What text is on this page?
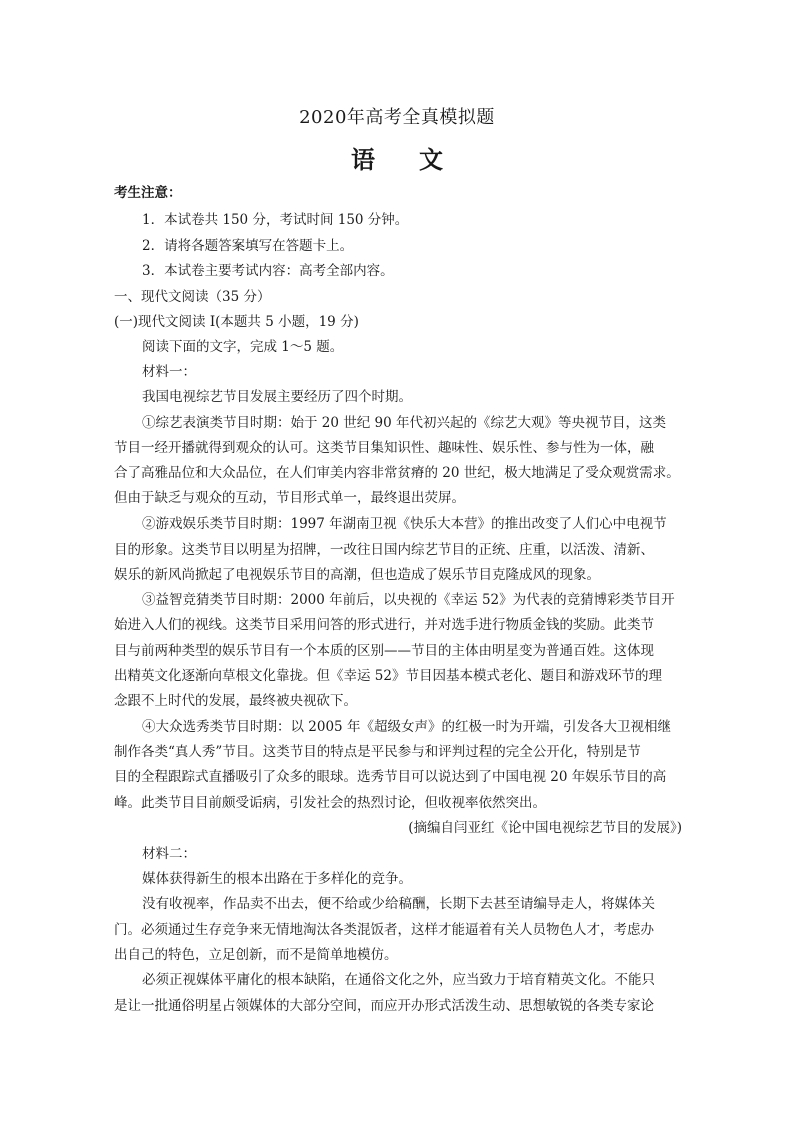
2020年高考全真模拟题
语 文
考生注意：
1．本试卷共 150 分，考试时间 150 分钟。
2．请将各题答案填写在答题卡上。
3．本试卷主要考试内容：高考全部内容。
一、现代文阅读（35 分）
(一)现代文阅读 I(本题共 5 小题，19 分)
阅读下面的文字，完成 1～5 题。
材料一：
我国电视综艺节目发展主要经历了四个时期。
①综艺表演类节目时期：始于 20 世纪 90 年代初兴起的《综艺大观》等央视节目，这类
节目一经开播就得到观众的认可。这类节目集知识性、趣味性、娱乐性、参与性为一体，融
合了高雅品位和大众品位，在人们审美内容非常贫瘠的 20 世纪，极大地满足了受众观赏需求。
但由于缺乏与观众的互动，节目形式单一，最终退出荧屏。
②游戏娱乐类节目时期：1997 年湖南卫视《快乐大本营》的推出改变了人们心中电视节
目的形象。这类节目以明星为招牌，一改往日国内综艺节目的正统、庄重，以活泼、清新、
娱乐的新风尚掀起了电视娱乐节目的高潮，但也造成了娱乐节目克隆成风的现象。
③益智竞猜类节目时期：2000 年前后，以央视的《幸运 52》为代表的竞猜博彩类节目开
始进入人们的视线。这类节目采用问答的形式进行，并对选手进行物质金钱的奖励。此类节
目与前两种类型的娱乐节目有一个本质的区别——节目的主体由明星变为普通百姓。这体现
出精英文化逐渐向草根文化靠拢。但《幸运 52》节目因基本模式老化、题目和游戏环节的理
念跟不上时代的发展，最终被央视砍下。
④大众选秀类节目时期：以 2005 年《超级女声》的红极一时为开端，引发各大卫视相继
制作各类“真人秀”节目。这类节目的特点是平民参与和评判过程的完全公开化，特别是节
目的全程跟踪式直播吸引了众多的眼球。选秀节目可以说达到了中国电视 20 年娱乐节目的高
峰。此类节目目前颇受诟病，引发社会的热烈讨论，但收视率依然突出。
(摘编自闫亚红《论中国电视综艺节目的发展》)
材料二：
媒体获得新生的根本出路在于多样化的竞争。
没有收视率，作品卖不出去，便不给或少给稿酬，长期下去甚至请编导走人，将媒体关
门。必须通过生存竞争来无情地淘汰各类混饭者，这样才能逼着有关人员物色人才，考虑办
出自己的特色，立足创新，而不是简单地模仿。
必须正视媒体平庸化的根本缺陷，在通俗文化之外，应当致力于培育精英文化。不能只
是让一批通俗明星占领媒体的大部分空间，而应开办形式活泼生动、思想敏锐的各类专家论
